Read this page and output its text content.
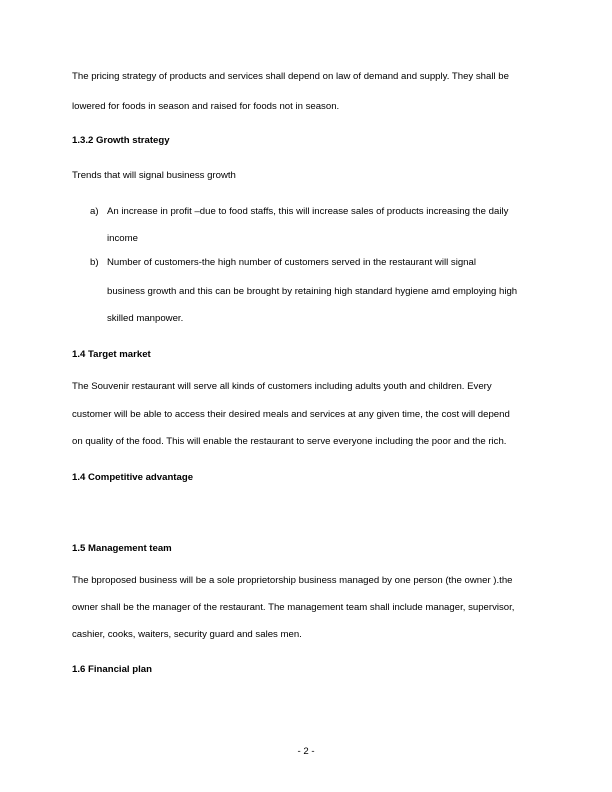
The pricing strategy of products and services shall depend on law of demand and supply. They shall be
lowered for foods in season and raised for foods not in season.
1.3.2 Growth strategy
Trends that will signal business growth
a) An increase in profit –due to food staffs, this will increase sales of products increasing the daily
income
b) Number of customers-the high number of customers served in the restaurant will signal
business growth and this can be brought by retaining high standard hygiene amd employing high
skilled manpower.
1.4 Target market
The Souvenir restaurant will serve all kinds of customers including adults youth and children. Every
customer will be able to access their desired meals and services at any given time, the cost will depend
on quality of the food. This will enable the restaurant to serve everyone including the poor and the rich.
1.4 Competitive advantage
1.5 Management team
The bproposed business will be a sole proprietorship business managed by one person (the owner ).the
owner shall be the manager of the restaurant. The management team shall include manager, supervisor,
cashier, cooks, waiters, security guard and sales men.
1.6 Financial plan
- 2 -
